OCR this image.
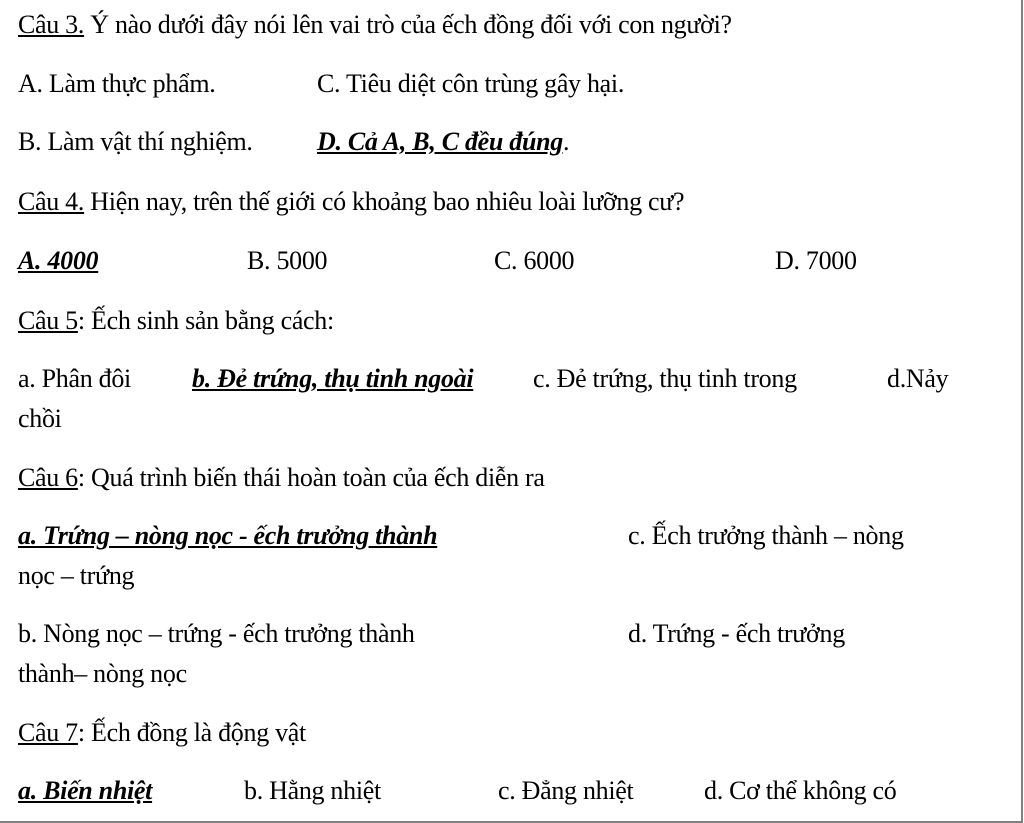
Câu 3. Ý nào dưới đây nói lên vai trò của ếch đồng đối với con người?
A. Làm thực phẩm.	C. Tiêu diệt côn trùng gây hại.
B. Làm vật thí nghiệm. D. Cả A, B, C đều đúng.
Câu 4. Hiện nay, trên thế giới có khoảng bao nhiêu loài lưỡng cư?
A. 4000	B. 5000	C. 6000	D. 7000
Câu 5: Ếch sinh sản bằng cách:
a. Phân đôi b. Đẻ trứng, thụ tinh ngoài c. Đẻ trứng, thụ tinh trong	d.Nảy
chồi
Câu 6: Quá trình biến thái hoàn toàn của ếch diễn ra
a. Trứng – nòng nọc - ếch trưởng thành	c. Ếch trưởng thành – nòng
nọc – trứng
b. Nòng nọc – trứng - ếch trưởng thành	d. Trứng - ếch trưởng
thành– nòng nọc
Câu 7: Ếch đồng là động vật
a. Biến nhiệt	b. Hằng nhiệt	c. Đẳng nhiệt	d. Cơ thể không có
